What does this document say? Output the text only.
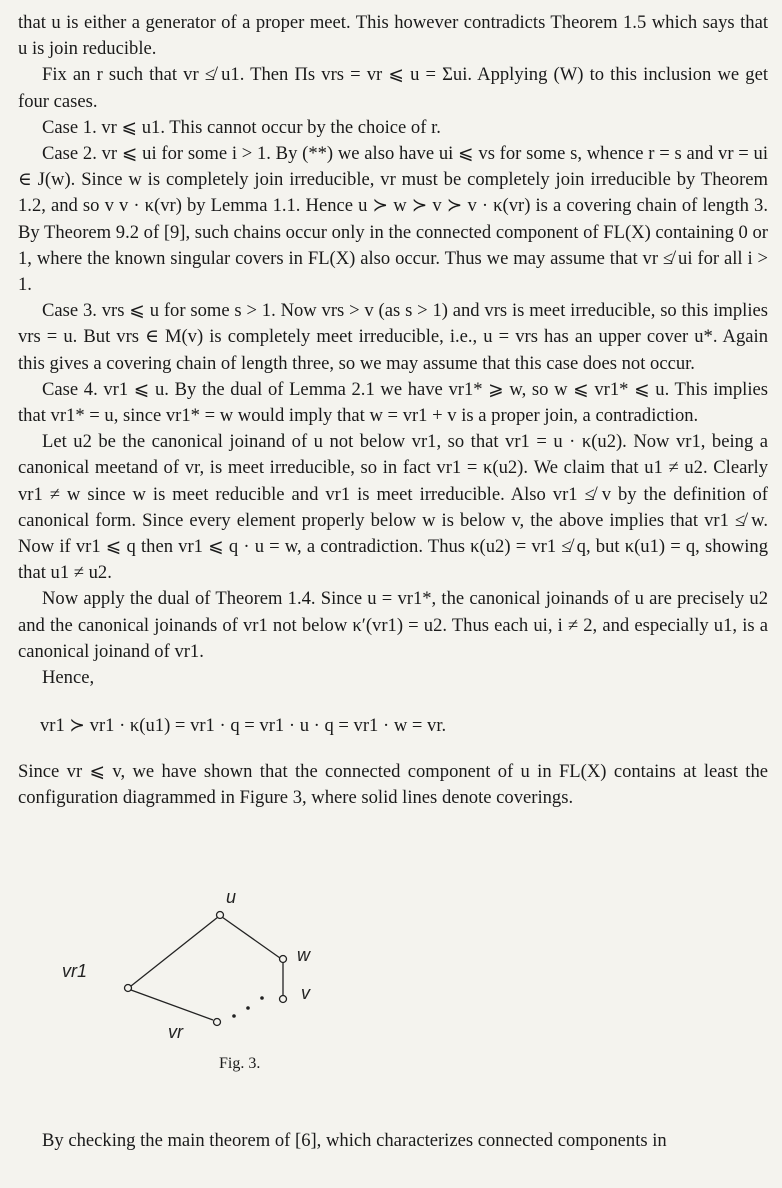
that u is either a generator of a proper meet. This however contradicts Theorem 1.5 which says that u is join reducible.

Fix an r such that vr ≰ u1. Then Πs vrs = vr ⩽ u = Σui. Applying (W) to this inclusion we get four cases.

Case 1. vr ⩽ u1. This cannot occur by the choice of r.

Case 2. vr ⩽ ui for some i > 1. By (**) we also have ui ⩽ vs for some s, whence r = s and vr = ui ∈ J(w). Since w is completely join irreducible, vr must be completely join irreducible by Theorem 1.2, and so v v · κ(vr) by Lemma 1.1. Hence u ≻ w ≻ v ≻ v · κ(vr) is a covering chain of length 3. By Theorem 9.2 of [9], such chains occur only in the connected component of FL(X) containing 0 or 1, where the known singular covers in FL(X) also occur. Thus we may assume that vr ≰ ui for all i > 1.

Case 3. vrs ⩽ u for some s > 1. Now vrs > v (as s > 1) and vrs is meet irreducible, so this implies vrs = u. But vrs ∈ M(v) is completely meet irreducible, i.e., u = vrs has an upper cover u*. Again this gives a covering chain of length three, so we may assume that this case does not occur.

Case 4. vr1 ⩽ u. By the dual of Lemma 2.1 we have vr1* ⩾ w, so w ⩽ vr1* ⩽ u. This implies that vr1* = u, since vr1* = w would imply that w = vr1 + v is a proper join, a contradiction.

Let u2 be the canonical joinand of u not below vr1, so that vr1 = u · κ(u2). Now vr1, being a canonical meetand of vr, is meet irreducible, so in fact vr1 = κ(u2). We claim that u1 ≠ u2. Clearly vr1 ≠ w since w is meet reducible and vr1 is meet irreducible. Also vr1 ≰ v by the definition of canonical form. Since every element properly below w is below v, the above implies that vr1 ≰ w. Now if vr1 ⩽ q then vr1 ⩽ q · u = w, a contradiction. Thus κ(u2) = vr1 ≰ q, but κ(u1) = q, showing that u1 ≠ u2.

Now apply the dual of Theorem 1.4. Since u = vr1*, the canonical joinands of u are precisely u2 and the canonical joinands of vr1 not below κ′(vr1) = u2. Thus each ui, i ≠ 2, and especially u1, is a canonical joinand of vr1.

Hence,

vr1 ≻ vr1 · κ(u1) = vr1 · q = vr1 · u · q = vr1 · w = vr.

Since vr ⩽ v, we have shown that the connected component of u in FL(X) contains at least the configuration diagrammed in Figure 3, where solid lines denote coverings.

u
w
v
vr1
vr
Fig. 3.

By checking the main theorem of [6], which characterizes connected components in
